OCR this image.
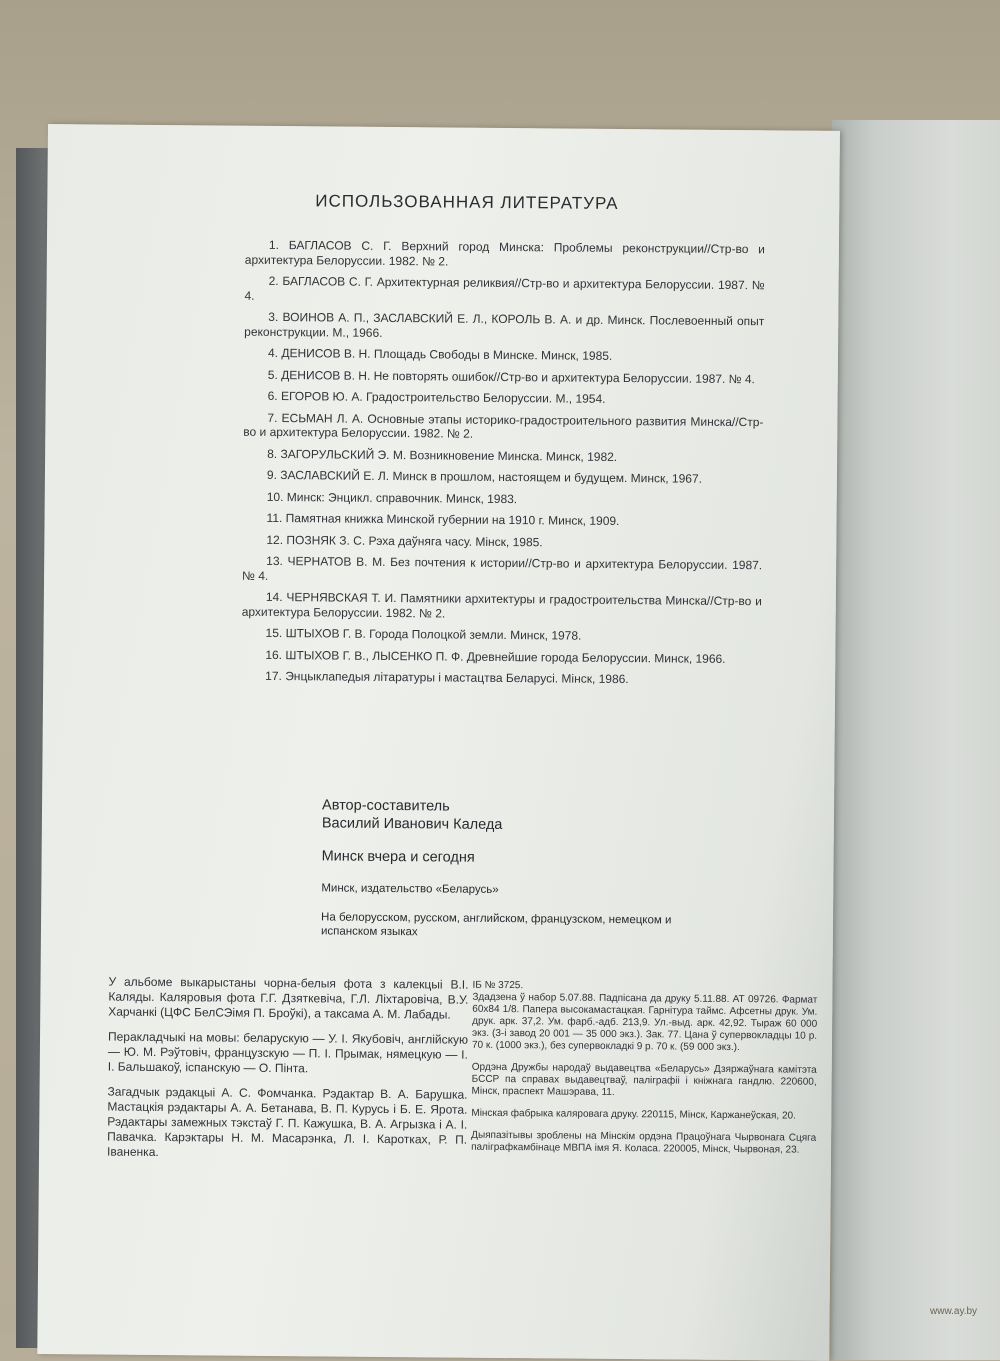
ИСПОЛЬЗОВАННАЯ ЛИТЕРАТУРА
1. БАГЛАСОВ С. Г. Верхний город Минска: Проблемы реконструкции//Стр-во и архитектура Белоруссии. 1982. № 2.
2. БАГЛАСОВ С. Г. Архитектурная реликвия//Стр-во и архитектура Белоруссии. 1987. № 4.
3. ВОИНОВ А. П., ЗАСЛАВСКИЙ Е. Л., КОРОЛЬ В. А. и др. Минск. Послевоенный опыт реконструкции. М., 1966.
4. ДЕНИСОВ В. Н. Площадь Свободы в Минске. Минск, 1985.
5. ДЕНИСОВ В. Н. Не повторять ошибок//Стр-во и архитектура Белоруссии. 1987. № 4.
6. ЕГОРОВ Ю. А. Градостроительство Белоруссии. М., 1954.
7. ЕСЬМАН Л. А. Основные этапы историко-градостроительного развития Минска//Стр-во и архитектура Белоруссии. 1982. № 2.
8. ЗАГОРУЛЬСКИЙ Э. М. Возникновение Минска. Минск, 1982.
9. ЗАСЛАВСКИЙ Е. Л. Минск в прошлом, настоящем и будущем. Минск, 1967.
10. Минск: Энцикл. справочник. Минск, 1983.
11. Памятная книжка Минской губернии на 1910 г. Минск, 1909.
12. ПОЗНЯК З. С. Рэха даўняга часу. Мінск, 1985.
13. ЧЕРНАТОВ В. М. Без почтения к истории//Стр-во и архитектура Белоруссии. 1987. № 4.
14. ЧЕРНЯВСКАЯ Т. И. Памятники архитектуры и градостроительства Минска//Стр-во и архитектура Белоруссии. 1982. № 2.
15. ШТЫХОВ Г. В. Города Полоцкой земли. Минск, 1978.
16. ШТЫХОВ Г. В., ЛЫСЕНКО П. Ф. Древнейшие города Белоруссии. Минск, 1966.
17. Энцыклапедыя літаратуры і мастацтва Беларусі. Мінск, 1986.
Автор-составитель
Василий Иванович Каледа
Минск вчера и сегодня
Минск, издательство «Беларусь»
На белорусском, русском, английском, французском, немецком и испанском языках

У альбоме выкарыстаны чорна-белыя фота з калекцыі В.І. Каляды. Каляровыя фота Г.Г. Дзяткевіча, Г.Л. Ліхтаровіча, В.У. Харчанкі (ЦФС БелСЭімя П. Броўкі), а таксама А. М. Лабады.

Перакладчыкі на мовы: беларускую — У. І. Якубовіч, англійскую — Ю. М. Рэўтовіч, французскую — П. І. Прымак, нямецкую — І. І. Бальшакоў, іспанскую — О. Пінта.

Загадчык рэдакцыі А. С. Фомчанка. Рэдактар В. А. Барушка. Мастацкія рэдактары А. А. Бетанава, В. П. Курусь і Б. Е. Ярота. Рэдактары замежных тэкстаў Г. П. Кажушка, В. А. Агрызка і А. І. Павачка. Карэктары Н. М. Масарэнка, Л. І. Каротках, Р. П. Іваненка.

ІБ № 3725.

Здадзена ў набор 5.07.88. Падпісана да друку 5.11.88. АТ 09726. Фармат 60х84 1/8. Папера высокамастацкая. Гарнітура таймс. Афсетны друк. Ум. друк. арк. 37,2. Ум. фарб.-адб. 213,9. Ул.-выд. арк. 42,92. Тыраж 60 000 экз. (3-і завод 20 001 — 35 000 экз.). Зак. 77. Цана ў супервокладцы 10 р. 70 к. (1000 экз.), без супервокладкі 9 р. 70 к. (59 000 экз.).

Ордэна Дружбы народаў выдавецтва «Беларусь» Дзяржаўнага камітэта БССР па справах выдавецтваў, паліграфіі і кніжнага гандлю. 220600, Мінск, праспект Машэрава, 11.

Мінская фабрыка каляровага друку. 220115, Мінск, Каржанеўская, 20.

Дыяпазітывы зроблены на Мінскім ордэна Працоўнага Чырвонага Сцяга паліграфкамбінаце МВПА імя Я. Коласа. 220005, Мінск, Чырвоная, 23.

www.ay.by
